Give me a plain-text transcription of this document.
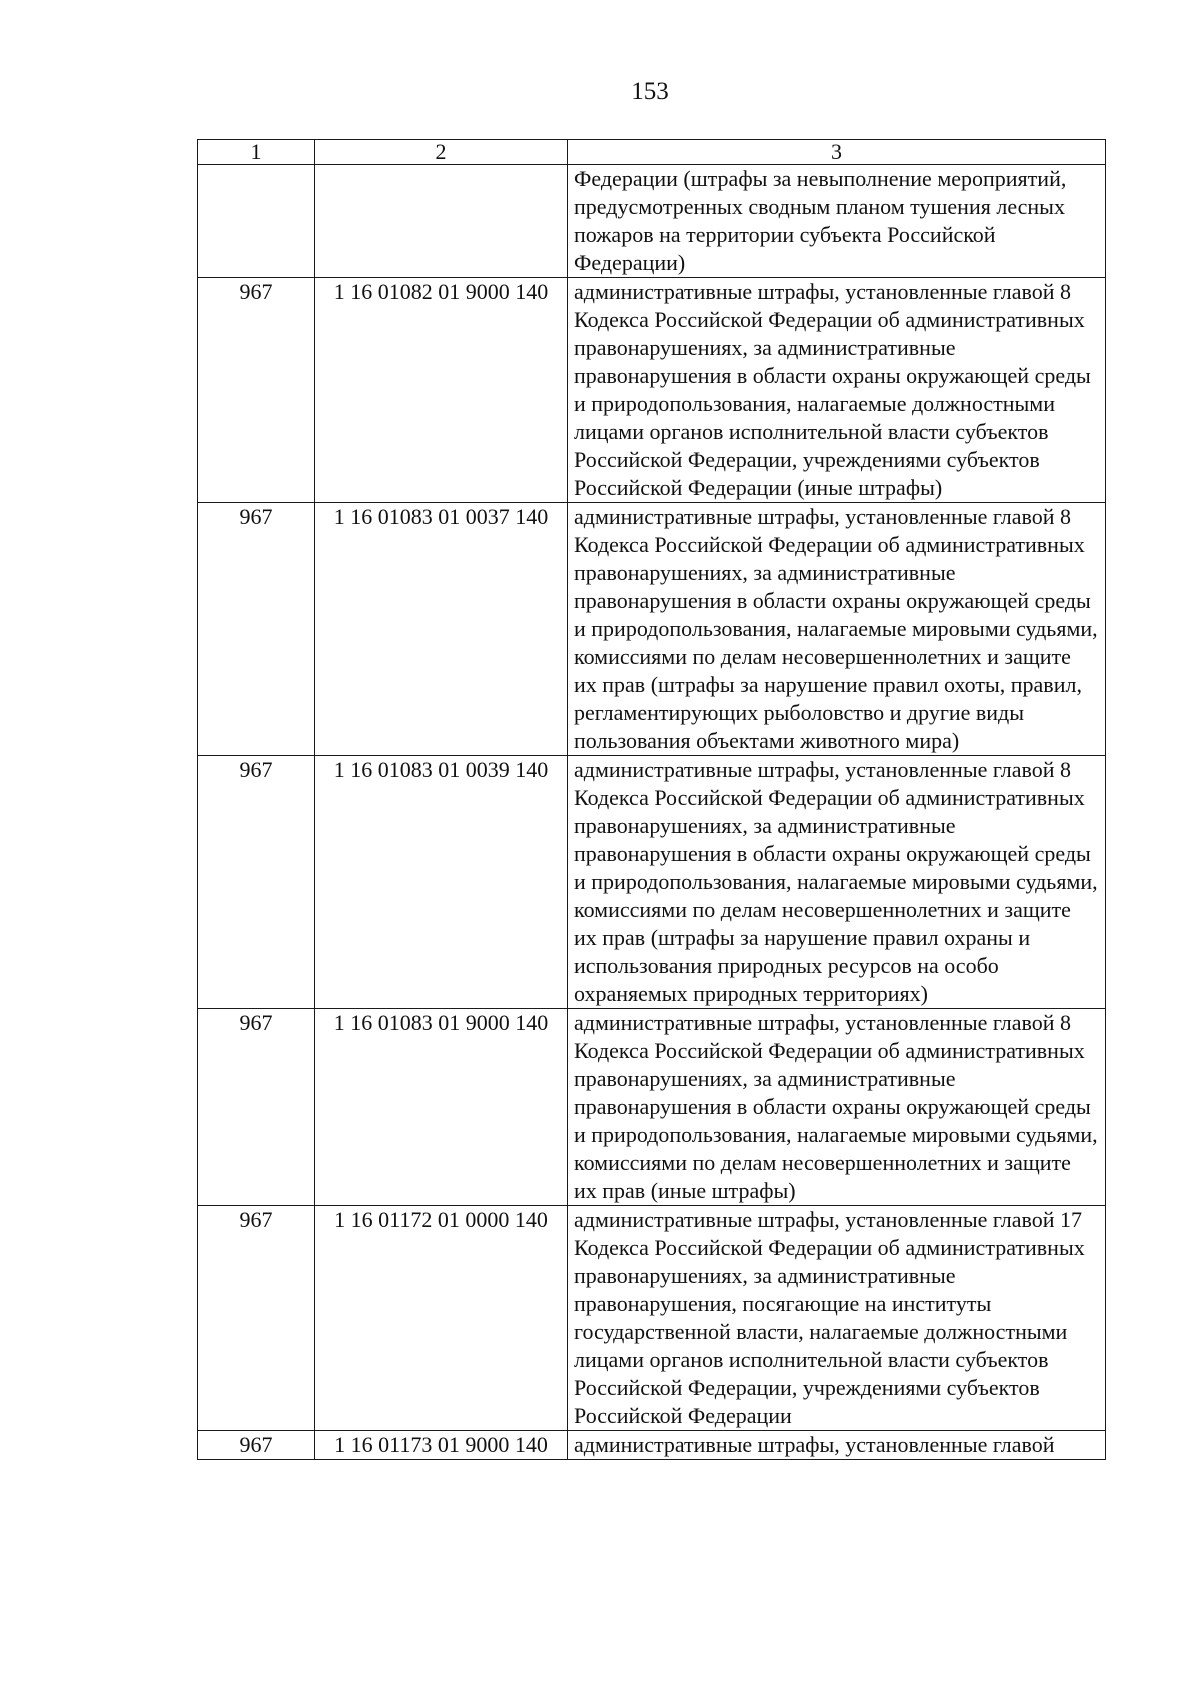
153
1	2	3
		Федерации (штрафы за невыполнение мероприятий, предусмотренных сводным планом тушения лесных пожаров на территории субъекта Российской Федерации)
967	1 16 01082 01 9000 140	административные штрафы, установленные главой 8 Кодекса Российской Федерации об административных правонарушениях, за административные правонарушения в области охраны окружающей среды и природопользования, налагаемые должностными лицами органов исполнительной власти субъектов Российской Федерации, учреждениями субъектов Российской Федерации (иные штрафы)
967	1 16 01083 01 0037 140	административные штрафы, установленные главой 8 Кодекса Российской Федерации об административных правонарушениях, за административные правонарушения в области охраны окружающей среды и природопользования, налагаемые мировыми судьями, комиссиями по делам несовершеннолетних и защите их прав (штрафы за нарушение правил охоты, правил, регламентирующих рыболовство и другие виды пользования объектами животного мира)
967	1 16 01083 01 0039 140	административные штрафы, установленные главой 8 Кодекса Российской Федерации об административных правонарушениях, за административные правонарушения в области охраны окружающей среды и природопользования, налагаемые мировыми судьями, комиссиями по делам несовершеннолетних и защите их прав (штрафы за нарушение правил охраны и использования природных ресурсов на особо охраняемых природных территориях)
967	1 16 01083 01 9000 140	административные штрафы, установленные главой 8 Кодекса Российской Федерации об административных правонарушениях, за административные правонарушения в области охраны окружающей среды и природопользования, налагаемые мировыми судьями, комиссиями по делам несовершеннолетних и защите их прав (иные штрафы)
967	1 16 01172 01 0000 140	административные штрафы, установленные главой 17 Кодекса Российской Федерации об административных правонарушениях, за административные правонарушения, посягающие на институты государственной власти, налагаемые должностными лицами органов исполнительной власти субъектов Российской Федерации, учреждениями субъектов Российской Федерации
967	1 16 01173 01 9000 140	административные штрафы, установленные главой
